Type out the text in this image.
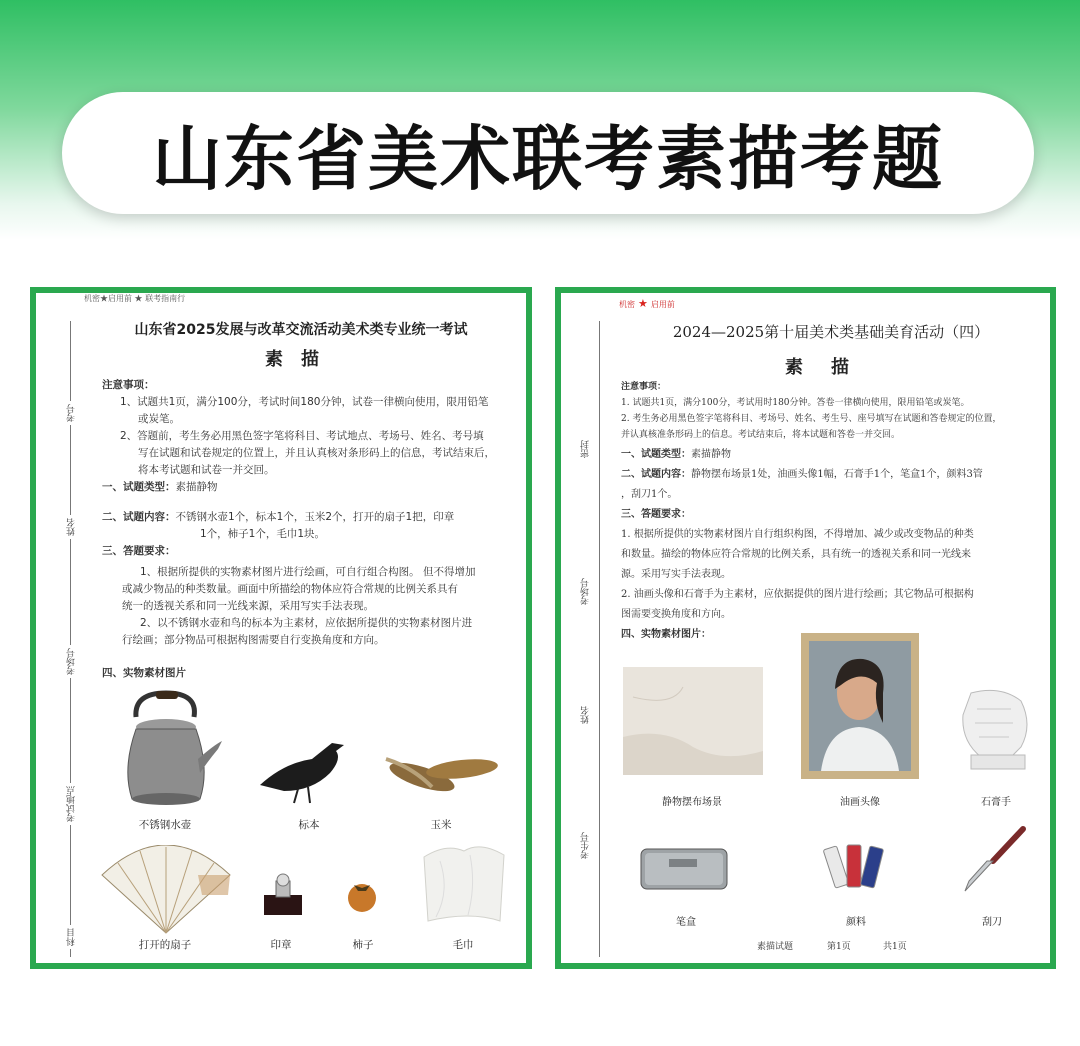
山东省美术联考素描考题
机密★启用前 ★ 联考指南行
考号
姓名
考场号
考试地点
科目
山东省2025发展与改革交流活动美术类专业统一考试
素描
注意事项：
1、试题共1页，满分100分，考试时间180分钟，试卷一律横向使用，限用铅笔
或炭笔。
2、答题前，考生务必用黑色签字笔将科目、考试地点、考场号、姓名、考号填
写在试题和试卷规定的位置上，并且认真核对条形码上的信息，考试结束后，
将本考试题和试卷一并交回。
一、试题类型：素描静物
二、试题内容：不锈钢水壶1个，标本1个，玉米2个，打开的扇子1把，印章
1个，柿子1个，毛巾1块。
三、答题要求：
1、根据所提供的实物素材图片进行绘画，可自行组合构图。 但不得增加
或减少物品的种类数量。画面中所描绘的物体应符合常规的比例关系具有
统一的透视关系和同一光线来源，采用写实手法表现。
2、以不锈钢水壶和鸟的标本为主素材，应依据所提供的实物素材图片进
行绘画；部分物品可根据构图需要自行变换角度和方向。
四、实物素材图片
不锈钢水壶	标本	玉米
打开的扇子	印章	柿子	毛巾
美术试题	第1页	共1页
机密 ★ 启用前
密封
考场号
姓名
考生号
2024—2025第十届美术类基础美育活动（四）
素描
注意事项：
1. 试题共1页，满分100分，考试用时180分钟。答卷一律横向使用，限用铅笔或炭笔。
2. 考生务必用黑色签字笔将科目、考场号、姓名、考生号、座号填写在试题和答卷规定的位置，
并认真核准条形码上的信息。考试结束后，将本试题和答卷一并交回。
一、试题类型：素描静物
二、试题内容：静物摆布场景1处，油画头像1幅，石膏手1个，笔盒1个，颜料3管
，刮刀1个。
三、答题要求：
1. 根据所提供的实物素材图片自行组织构图，不得增加、减少或改变物品的种类
和数量。描绘的物体应符合常规的比例关系，具有统一的透视关系和同一光线来
源。采用写实手法表现。
2. 油画头像和石膏手为主素材，应依据提供的图片进行绘画；其它物品可根据构
图需要变换角度和方向。
四、实物素材图片：
静物摆布场景	油画头像	石膏手
笔盒	颜料	刮刀
素描试题	第1页	共1页
